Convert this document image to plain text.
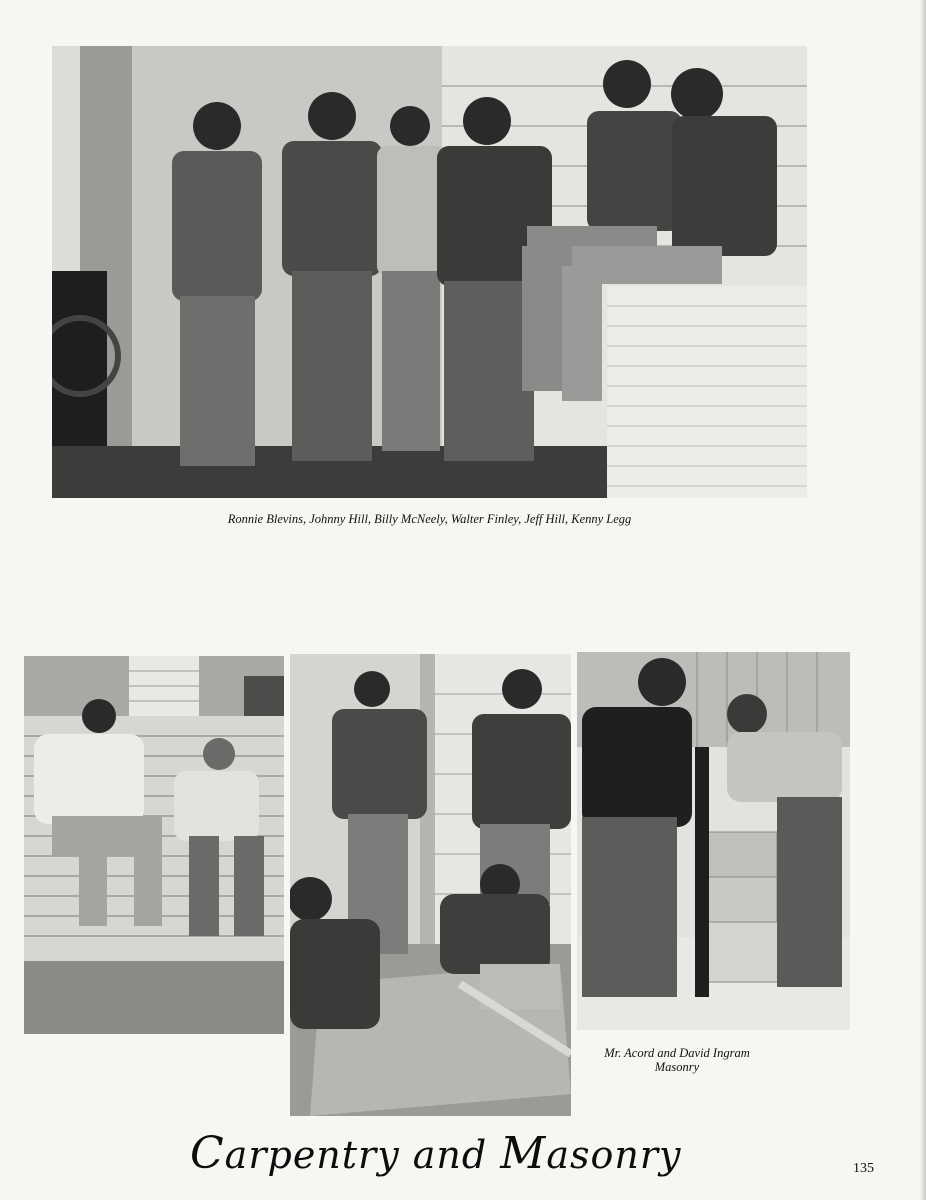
Ronnie Blevins, Johnny Hill, Billy McNeely, Walter Finley, Jeff Hill, Kenny Legg
Mr. Acord and David Ingram
Masonry
Carpentry and Masonry	135
